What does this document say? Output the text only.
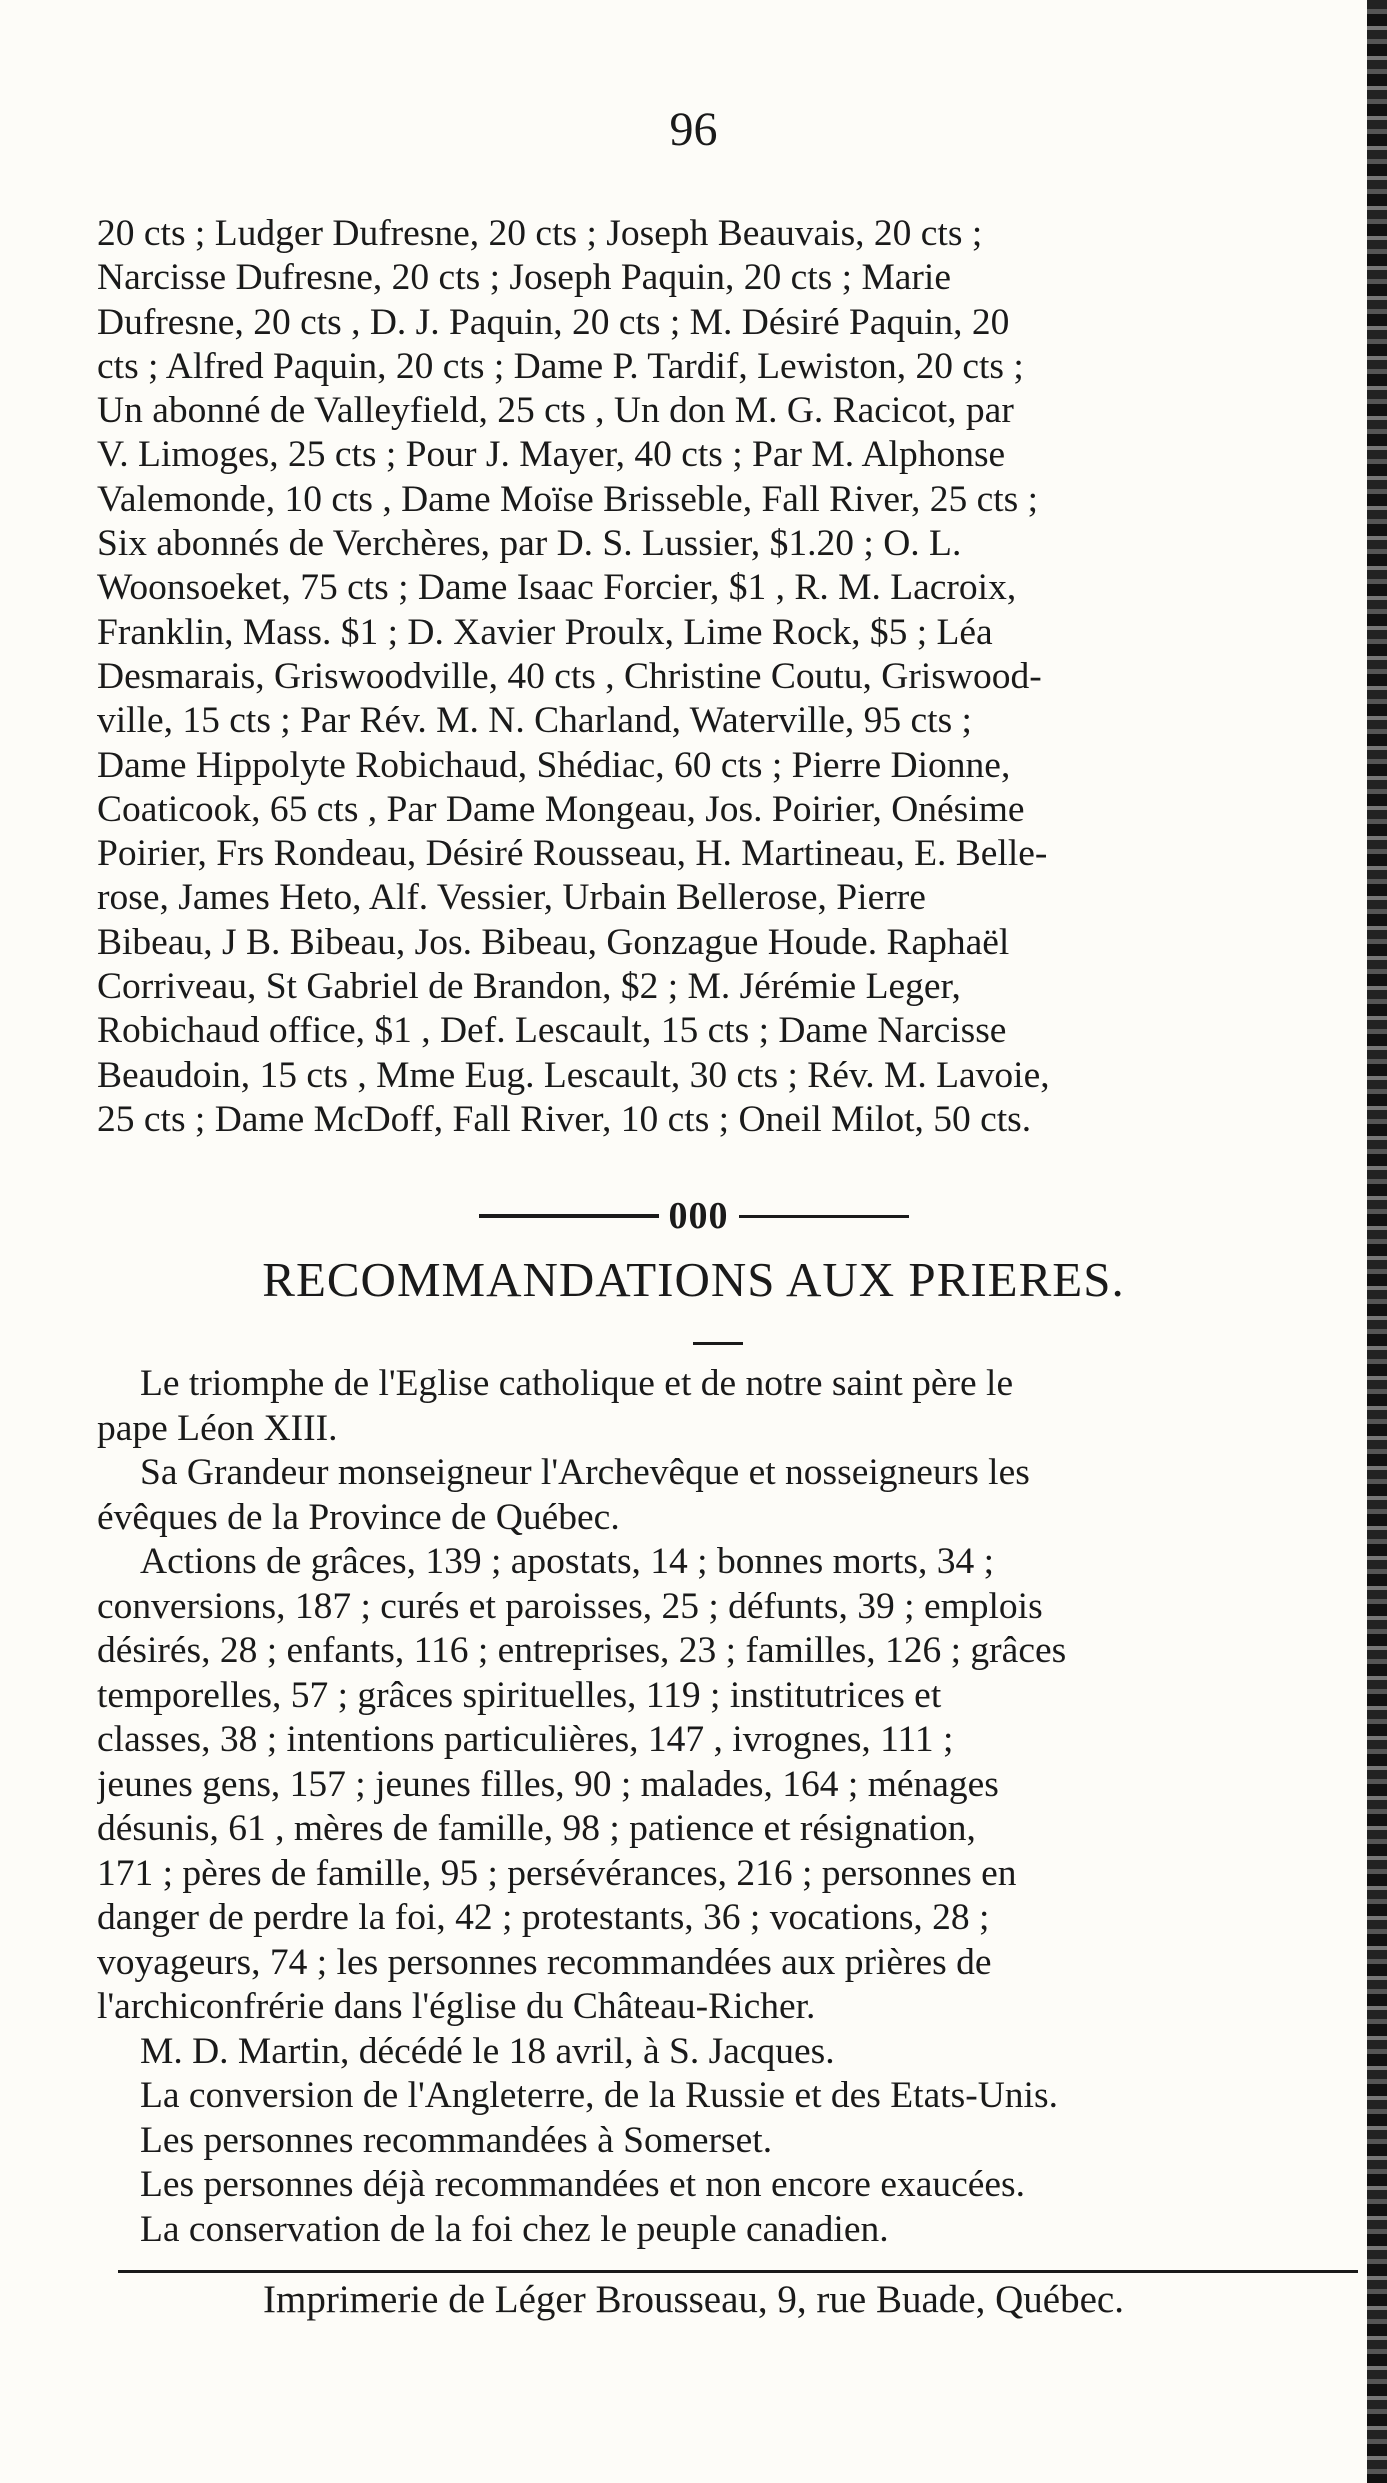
96
20 cts ; Ludger Dufresne, 20 cts ; Joseph Beauvais, 20 cts ;
Narcisse Dufresne, 20 cts ; Joseph Paquin, 20 cts ; Marie
Dufresne, 20 cts , D. J. Paquin, 20 cts ; M. Désiré Paquin, 20
cts ; Alfred Paquin, 20 cts ; Dame P. Tardif, Lewiston, 20 cts ;
Un abonné de Valleyfield, 25 cts , Un don M. G. Racicot, par
V. Limoges, 25 cts ; Pour J. Mayer, 40 cts ; Par M. Alphonse
Valemonde, 10 cts , Dame Moïse Brisseble, Fall River, 25 cts ;
Six abonnés de Verchères, par D. S. Lussier, $1.20 ; O. L.
Woonsoeket, 75 cts ; Dame Isaac Forcier, $1 , R. M. Lacroix,
Franklin, Mass. $1 ; D. Xavier Proulx, Lime Rock, $5 ; Léa
Desmarais, Griswoodville, 40 cts , Christine Coutu, Griswood-
ville, 15 cts ; Par Rév. M. N. Charland, Waterville, 95 cts ;
Dame Hippolyte Robichaud, Shédiac, 60 cts ; Pierre Dionne,
Coaticook, 65 cts , Par Dame Mongeau, Jos. Poirier, Onésime
Poirier, Frs Rondeau, Désiré Rousseau, H. Martineau, E. Belle-
rose, James Heto, Alf. Vessier, Urbain Bellerose, Pierre
Bibeau, J B. Bibeau, Jos. Bibeau, Gonzague Houde. Raphaël
Corriveau, St Gabriel de Brandon, $2 ; M. Jérémie Leger,
Robichaud office, $1 , Def. Lescault, 15 cts ; Dame Narcisse
Beaudoin, 15 cts , Mme Eug. Lescault, 30 cts ; Rév. M. Lavoie,
25 cts ; Dame McDoff, Fall River, 10 cts ; Oneil Milot, 50 cts.
000
RECOMMANDATIONS AUX PRIERES.
Le triomphe de l'Eglise catholique et de notre saint père le
pape Léon XIII.
Sa Grandeur monseigneur l'Archevêque et nosseigneurs les
évêques de la Province de Québec.
Actions de grâces, 139 ; apostats, 14 ; bonnes morts, 34 ;
conversions, 187 ; curés et paroisses, 25 ; défunts, 39 ; emplois
désirés, 28 ; enfants, 116 ; entreprises, 23 ; familles, 126 ; grâces
temporelles, 57 ; grâces spirituelles, 119 ; institutrices et
classes, 38 ; intentions particulières, 147 , ivrognes, 111 ;
jeunes gens, 157 ; jeunes filles, 90 ; malades, 164 ; ménages
désunis, 61 , mères de famille, 98 ; patience et résignation,
171 ; pères de famille, 95 ; persévérances, 216 ; personnes en
danger de perdre la foi, 42 ; protestants, 36 ; vocations, 28 ;
voyageurs, 74 ; les personnes recommandées aux prières de
l'archiconfrérie dans l'église du Château-Richer.
M. D. Martin, décédé le 18 avril, à S. Jacques.
La conversion de l'Angleterre, de la Russie et des Etats-Unis.
Les personnes recommandées à Somerset.
Les personnes déjà recommandées et non encore exaucées.
La conservation de la foi chez le peuple canadien.
Imprimerie de Léger Brousseau, 9, rue Buade, Québec.
